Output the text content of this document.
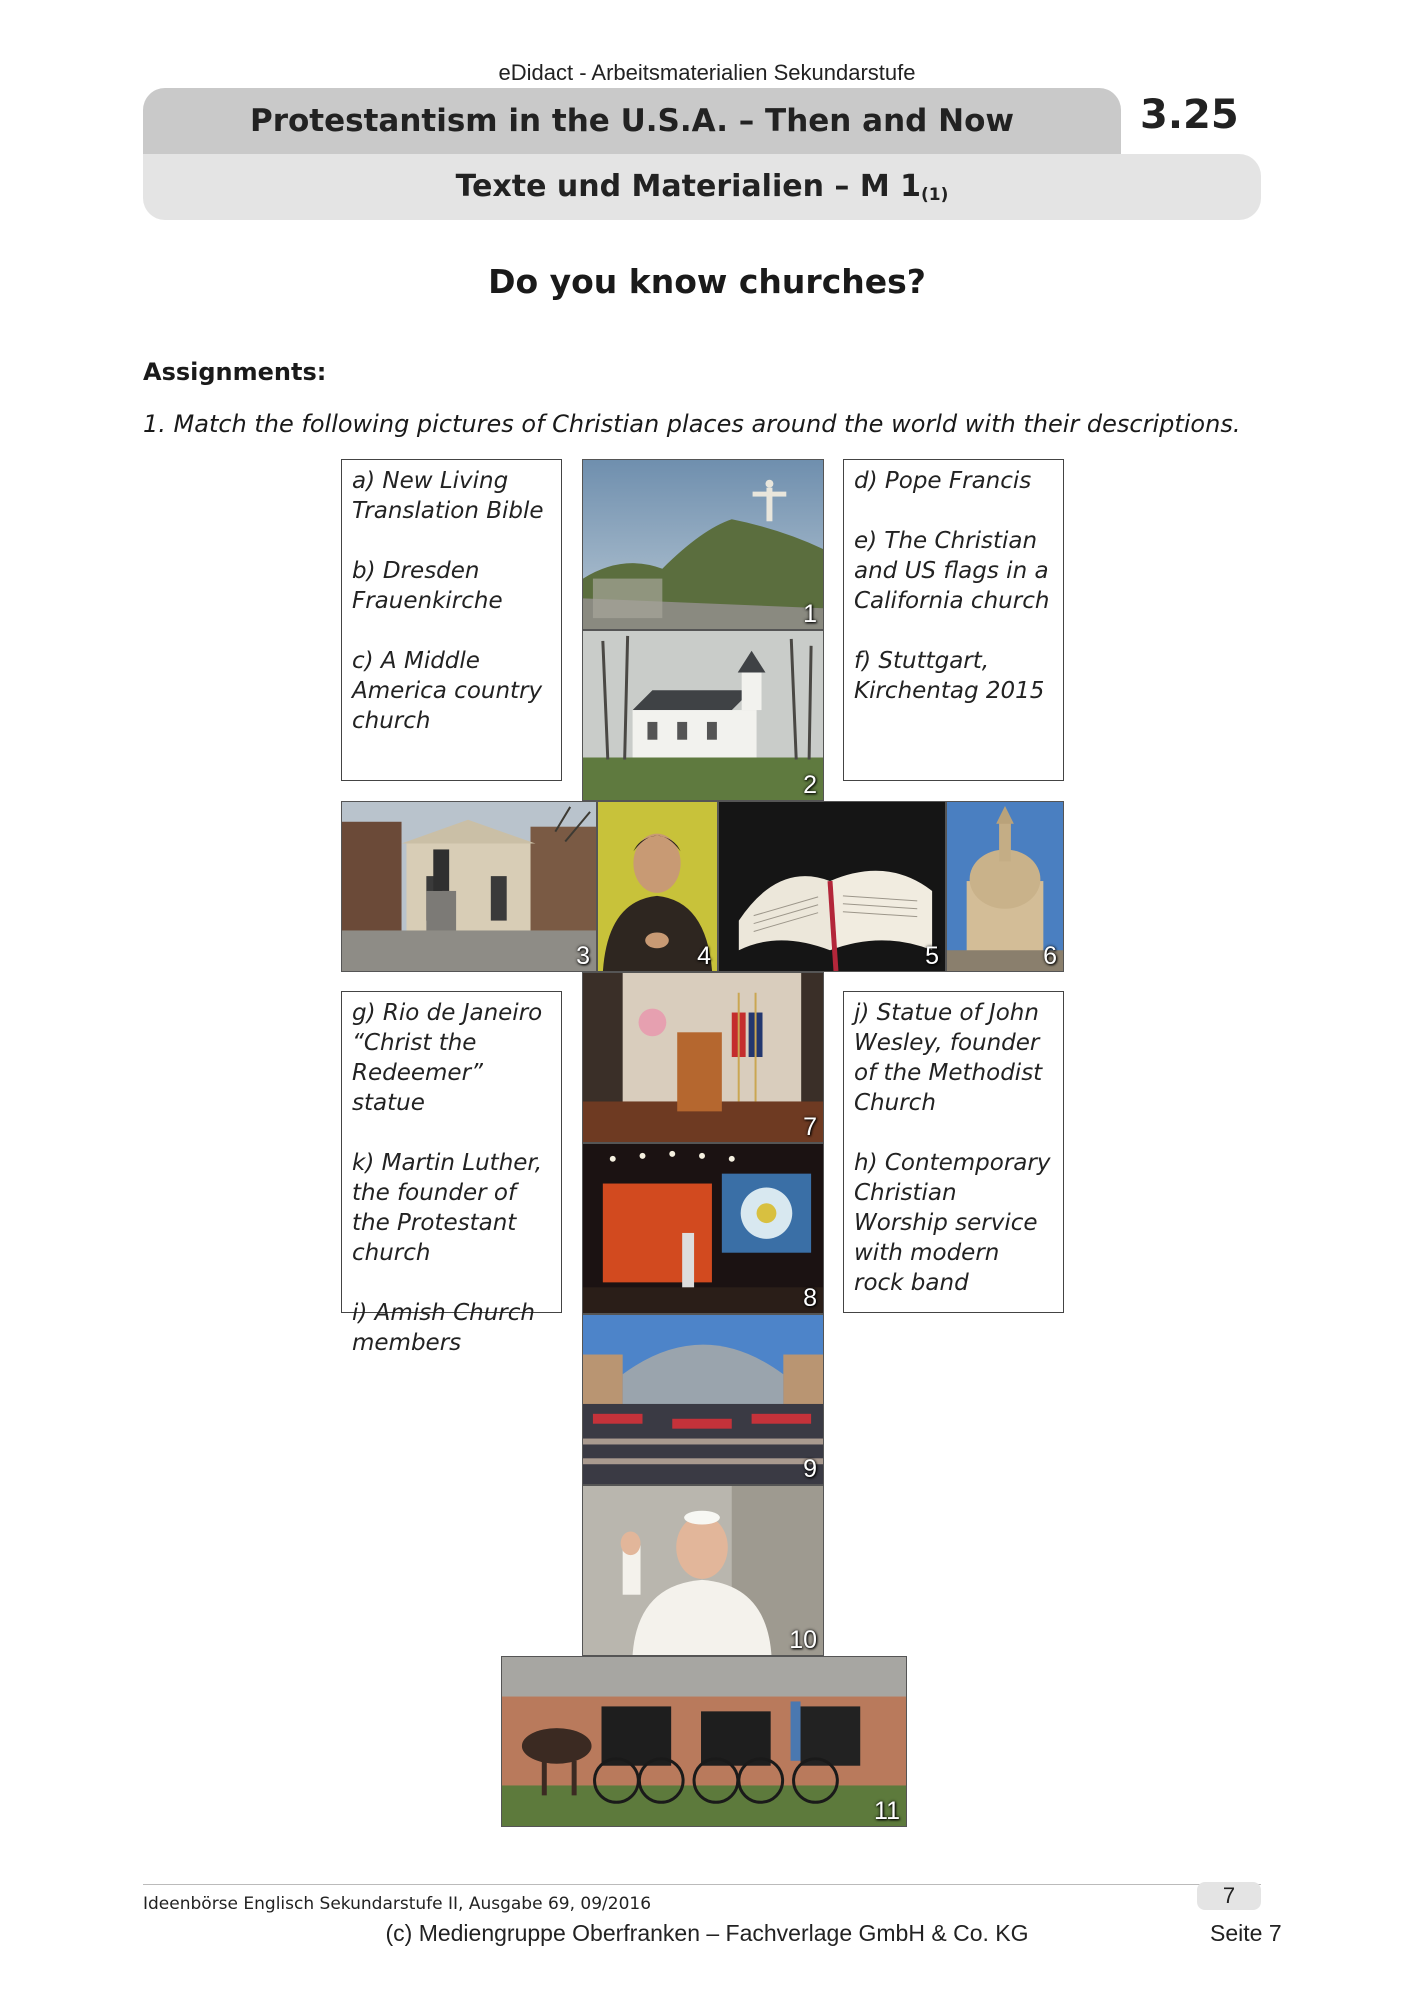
eDidact - Arbeitsmaterialien Sekundarstufe
Protestantism in the U.S.A. – Then and Now	3.25
Texte und Materialien – M $1_{(1)}$
Do you know churches?
Assignments:
1. Match the following pictures of Christian places around the world with their descriptions.

a) New Living Translation Bible

b) Dresden Frauenkirche

c) A Middle America country church

d) Pope Francis

e) The Christian and US flags in a California church

f) Stuttgart, Kirchentag 2015

g) Rio de Janeiro “Christ the Redeemer” statue

k) Martin Luther, the founder of the Protestant church

i) Amish Church members

j) Statue of John Wesley, founder of the Methodist Church

h) Contemporary Christian Worship service with modern rock band

1
2
3	4	5	6
7
8
9
10
11
Ideenbörse Englisch Sekundarstufe II, Ausgabe 69, 09/2016	7
(c) Mediengruppe Oberfranken – Fachverlage GmbH & Co. KG	Seite 7
